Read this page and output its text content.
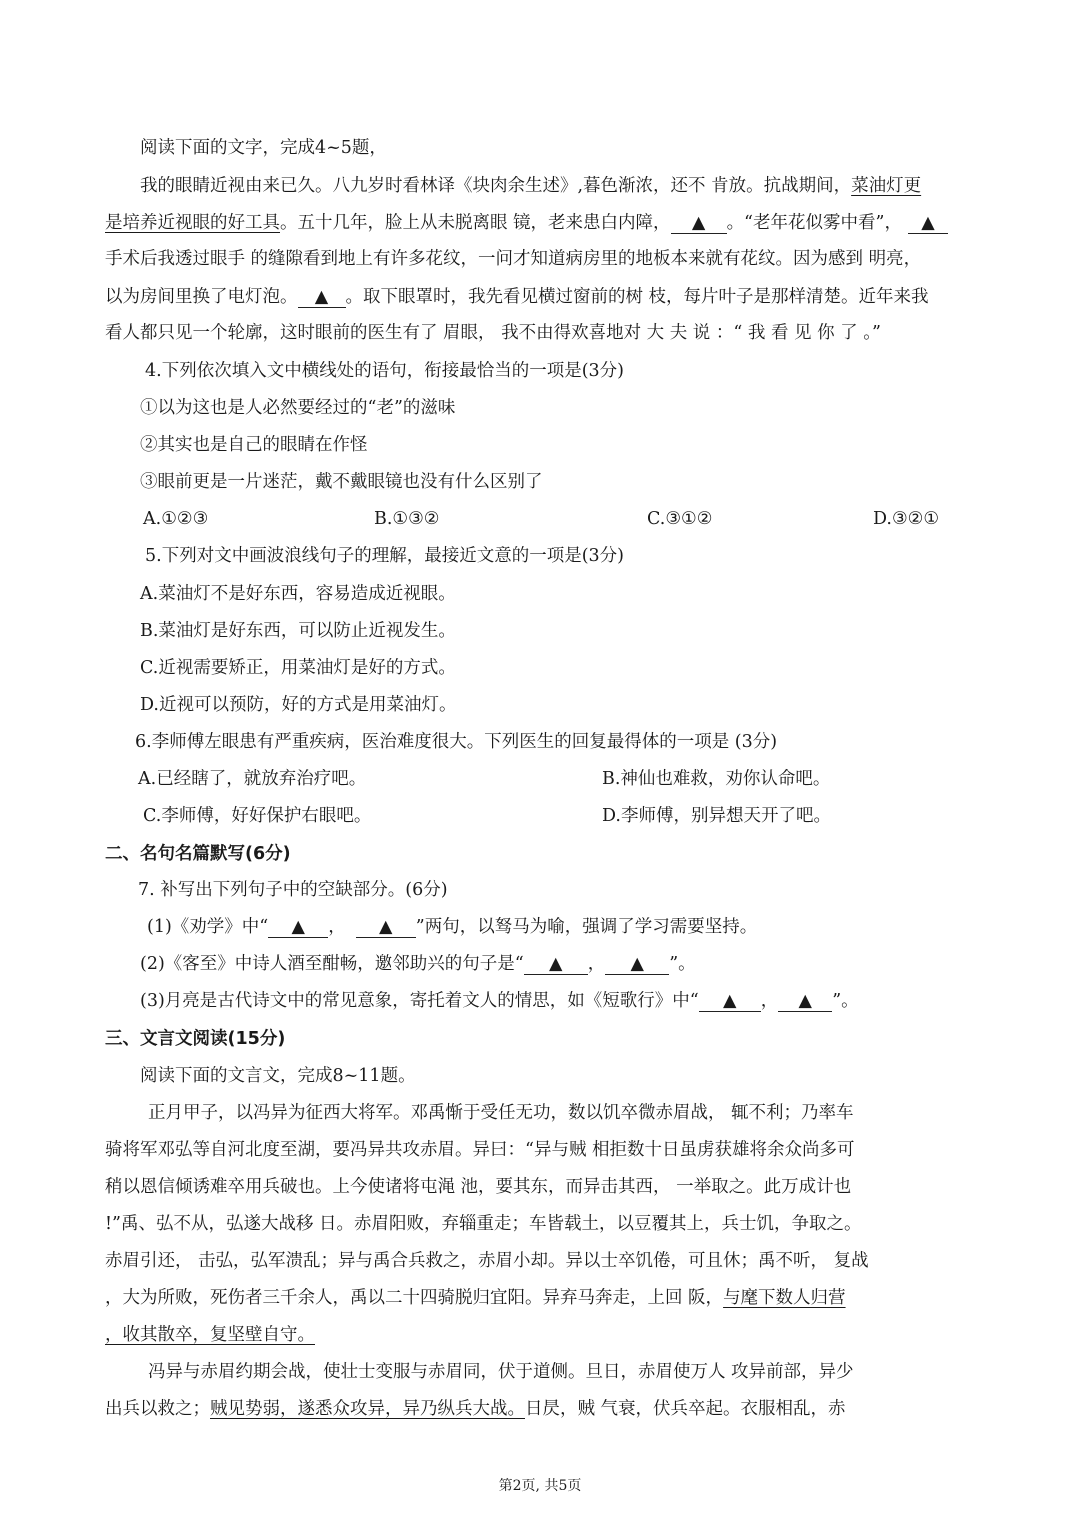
阅读下面的文字，完成4~5题，
我的眼睛近视由来已久。八九岁时看林译《块肉余生述》,暮色渐浓，还不 肯放。抗战期间，菜油灯更
是培养近视眼的好工具。五十几年，脸上从未脱离眼 镜，老来患白内障， ▲ 。“老年花似雾中看”， ▲
手术后我透过眼手 的缝隙看到地上有许多花纹，一问才知道病房里的地板本来就有花纹。因为感到 明亮，
以为房间里换了电灯泡。 ▲ 。取下眼罩时，我先看见横过窗前的树 枝，每片叶子是那样清楚。近年来我
看人都只见一个轮廓，这时眼前的医生有了 眉眼， 我不由得欢喜地对 大 夫 说 ：“ 我 看 见 你 了 。”
4.下列依次填入文中横线处的语句，衔接最恰当的一项是(3分)
①以为这也是人必然要经过的“老”的滋味
②其实也是自己的眼睛在作怪
③眼前更是一片迷茫，戴不戴眼镜也没有什么区别了
A.①②③	B.①③②	C.③①②	D.③②①
5.下列对文中画波浪线句子的理解，最接近文意的一项是(3分)
A.菜油灯不是好东西，容易造成近视眼。
B.菜油灯是好东西，可以防止近视发生。
C.近视需要矫正，用菜油灯是好的方式。
D.近视可以预防，好的方式是用菜油灯。
6.李师傅左眼患有严重疾病，医治难度很大。下列医生的回复最得体的一项是 (3分)
A.已经瞎了，就放弃治疗吧。	B.神仙也难救，劝你认命吧。
C.李师傅，好好保护右眼吧。	D.李师傅，别异想天开了吧。
二、名句名篇默写(6分)
7. 补写出下列句子中的空缺部分。(6分)
(1)《劝学》中“ ▲ ， ▲ ”两句，以驽马为喻，强调了学习需要坚持。
(2)《客至》中诗人酒至酣畅，邀邻助兴的句子是“ ▲ ， ▲ ”。
(3)月亮是古代诗文中的常见意象，寄托着文人的情思，如《短歌行》中“ ▲ ， ▲ ”。
三、文言文阅读(15分)
阅读下面的文言文，完成8~11题。
正月甲子，以冯异为征西大将军。邓禹惭于受任无功，数以饥卒微赤眉战， 辄不利；乃率车
骑将军邓弘等自河北度至湖，要冯异共攻赤眉。异曰：“异与贼 相拒数十日虽虏获雄将余众尚多可
稍以恩信倾诱难卒用兵破也。上今使诸将屯渑 池，要其东，而异击其西， 一举取之。此万成计也
!”禹、弘不从，弘遂大战移 日。赤眉阳败，弃辎重走；车皆载土，以豆覆其上，兵士饥，争取之。
赤眉引还， 击弘，弘军溃乱；异与禹合兵救之，赤眉小却。异以士卒饥倦，可且休；禹不听， 复战
，大为所败，死伤者三千余人，禹以二十四骑脱归宜阳。异弃马奔走，上回 阪，与麾下数人归营
，收其散卒，复坚壁自守。
冯异与赤眉约期会战，使壮士变服与赤眉同，伏于道侧。旦日，赤眉使万人 攻异前部，异少
出兵以救之；贼见势弱，遂悉众攻异，异乃纵兵大战。日昃，贼 气衰，伏兵卒起。衣服相乱，赤
第2页, 共5页
